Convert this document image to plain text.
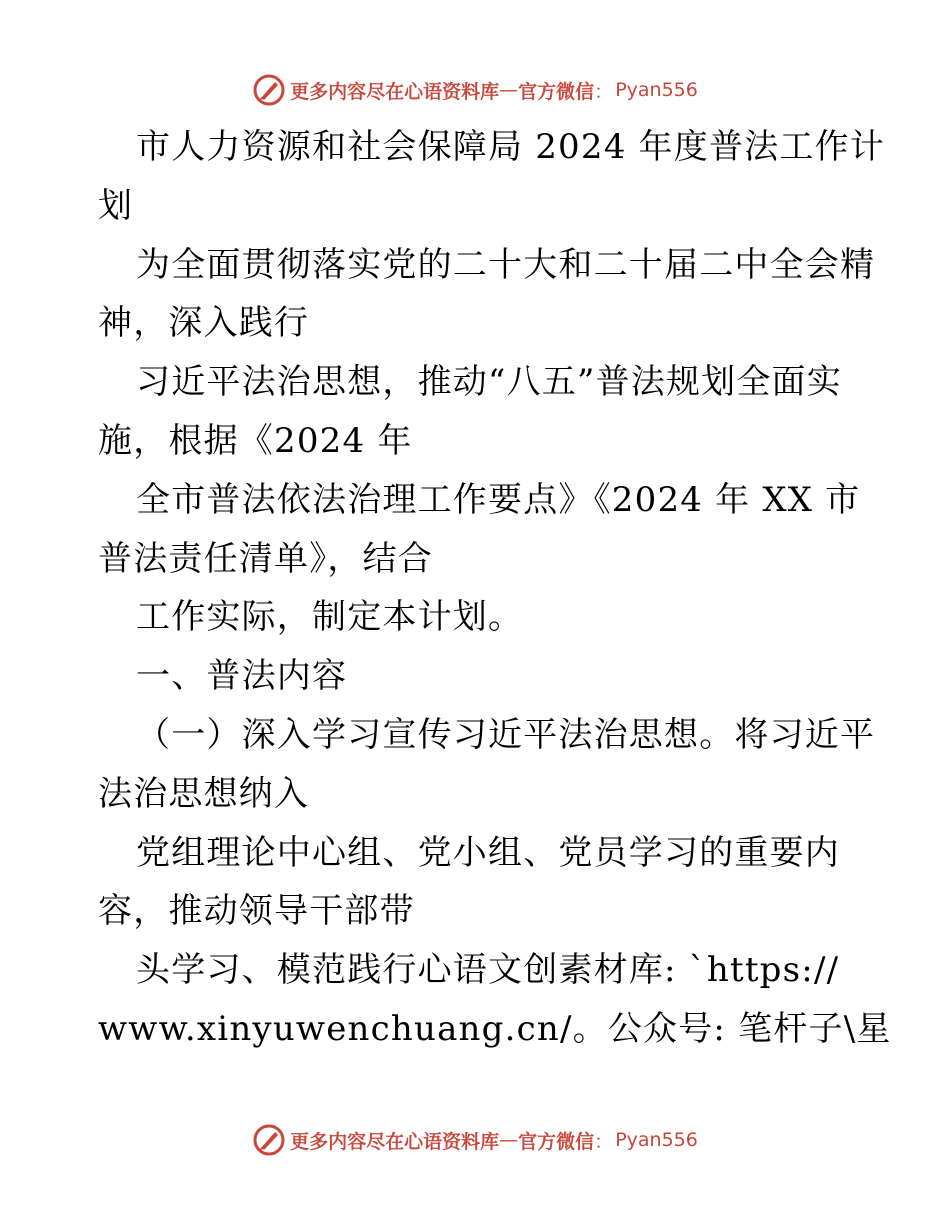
更多内容尽在心语资料库 — 官方微信 ： Pyan556
市人力资源和社会保障局 2024 年度普法工作计
划
为全面贯彻落实党的二十大和二十届二中全会精
神，深入践行
习近平法治思想，推动“八五”普法规划全面实
施，根据《2024 年
全市普法依法治理工作要点》《2024 年 XX 市
普法责任清单》，结合
工作实际，制定本计划。
一、普法内容
（一）深入学习宣传习近平法治思想。将习近平
法治思想纳入
党组理论中心组、党小组、党员学习的重要内
容，推动领导干部带
头学习、模范践行心语文创素材库: `https://
www.xinyuwenchuang.cn/。公众号: 笔杆子\星
更多内容尽在心语资料库 — 官方微信 ： Pyan556
